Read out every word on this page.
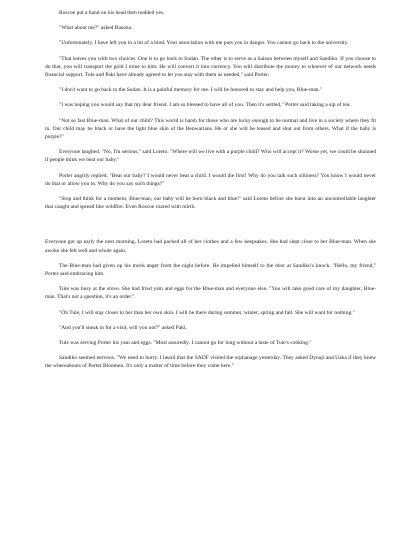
Roscoe put a hand on his head then nodded yes.

"What about me?" asked Basona.

"Unfortunately, I have left you in a bit of a bind. Your association with me puts you in danger. You cannot go back to the university.

"That leaves you with two choices. One is to go back to Sudan. The other is to serve as a liaison between myself and Sandiko. If you choose to do that, you will transport the gold I mine to him. He will convert it into currency. You will distribute the money to whoever of our network needs financial support. Tule and Paki have already agreed to let you stay with them as needed," said Porter.

"I don't want to go back to the Sudan. It is a painful memory for me. I will be honored to stay and help you, Blue-man."

"I was hoping you would say that my dear friend. I am so blessed to have all of you. Then it's settled," Porter said taking a sip of tea.

"Not so fast Blue-man. What of our child? This world is harsh for those who are lucky enough to be normal and live in a society where they fit in. Our child may be black or have the light blue skin of the Benwarians. He or she will be teased and shut out from others. What if the baby is purple?"

Everyone laughed. "No, I'm serious," said Loreto. "Where will we live with a purple child? Who will accept it? Worse yet, we could be shunned if people think we beat our baby."

Porter angrily replied, "Beat our baby? I would never beat a child. I would die first! Why do you talk such silliness? You know I would never do that or allow you to. Why do you say such things?"

"Stop and think for a moment, Blue-man, our baby will be born black and blue!" said Loreto before she burst into an uncontrollable laughter that caught and spread like wildfire. Even Roscoe roared with mirth.

Everyone got up early the next morning. Loreto had packed all of her clothes and a few keepsakes. She had slept close to her Blue-man. When she awoke she felt well and whole again.

The Blue-man had given up his mock anger from the night before. He impelled himself to the door at Sandiko's knock. "Hello, my friend," Porter said embracing him.

Tule was busy at the stove. She had fried yam and eggs for the Blue-man and everyone else. "You will take good care of my daughter, Blue-man. That's not a question, it's an order."

"Oh Tule, I will stay closer to her than her own skin. I will be there during summer, winter, spring and fall. She will want for nothing."

"And you'll sneak in for a visit, will you not?" asked Paki.

Tule was serving Porter his yam and eggs. "Most assuredly. I cannot go for long without a taste of Tule's cooking."

Sandiko seemed nervous. "We need to hurry. I heard that the SADF visited the orphanage yesterday. They asked Dynaji and Uaka if they knew the whereabouts of Porter Bloomen. It's only a matter of time before they come here."
